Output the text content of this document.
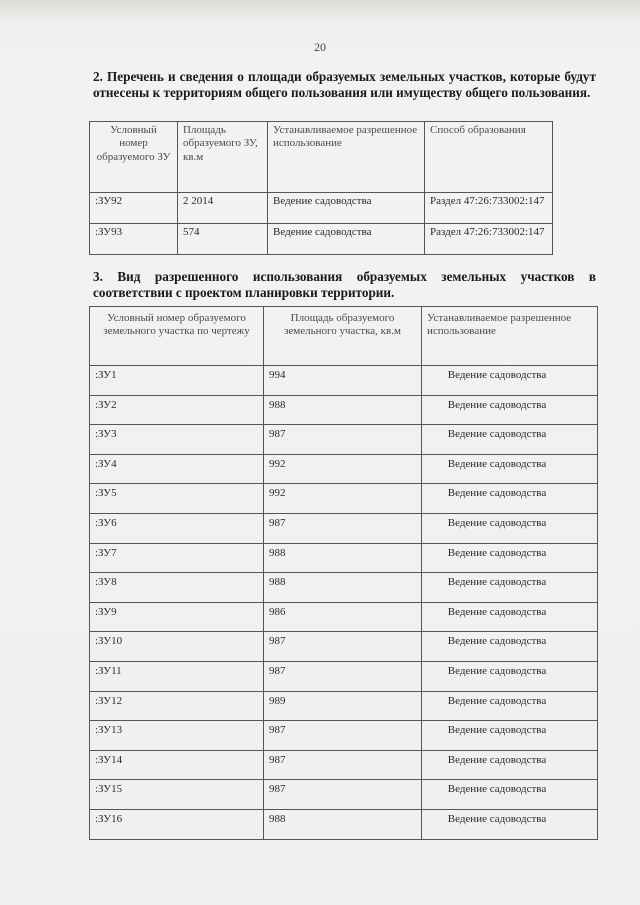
20
2. Перечень и сведения о площади образуемых земельных участков, которые будут отнесены к территориям общего пользования или имуществу общего пользования.
Условный номер образуемого ЗУ	Площадь образуемого ЗУ, кв.м	Устанавливаемое разрешенное использование	Способ образования
:ЗУ92	2 2014	Ведение садоводства	Раздел 47:26:733002:147
:ЗУ93	574	Ведение садоводства	Раздел 47:26:733002:147
3. Вид разрешенного использования образуемых земельных участков в соответствии с проектом планировки территории.
Условный номер образуемого земельного участка по чертежу	Площадь образуемого земельного участка, кв.м	Устанавливаемое разрешенное использование
:ЗУ1	994	Ведение садоводства
:ЗУ2	988	Ведение садоводства
:ЗУ3	987	Ведение садоводства
:ЗУ4	992	Ведение садоводства
:ЗУ5	992	Ведение садоводства
:ЗУ6	987	Ведение садоводства
:ЗУ7	988	Ведение садоводства
:ЗУ8	988	Ведение садоводства
:ЗУ9	986	Ведение садоводства
:ЗУ10	987	Ведение садоводства
:ЗУ11	987	Ведение садоводства
:ЗУ12	989	Ведение садоводства
:ЗУ13	987	Ведение садоводства
:ЗУ14	987	Ведение садоводства
:ЗУ15	987	Ведение садоводства
:ЗУ16	988	Ведение садоводства
